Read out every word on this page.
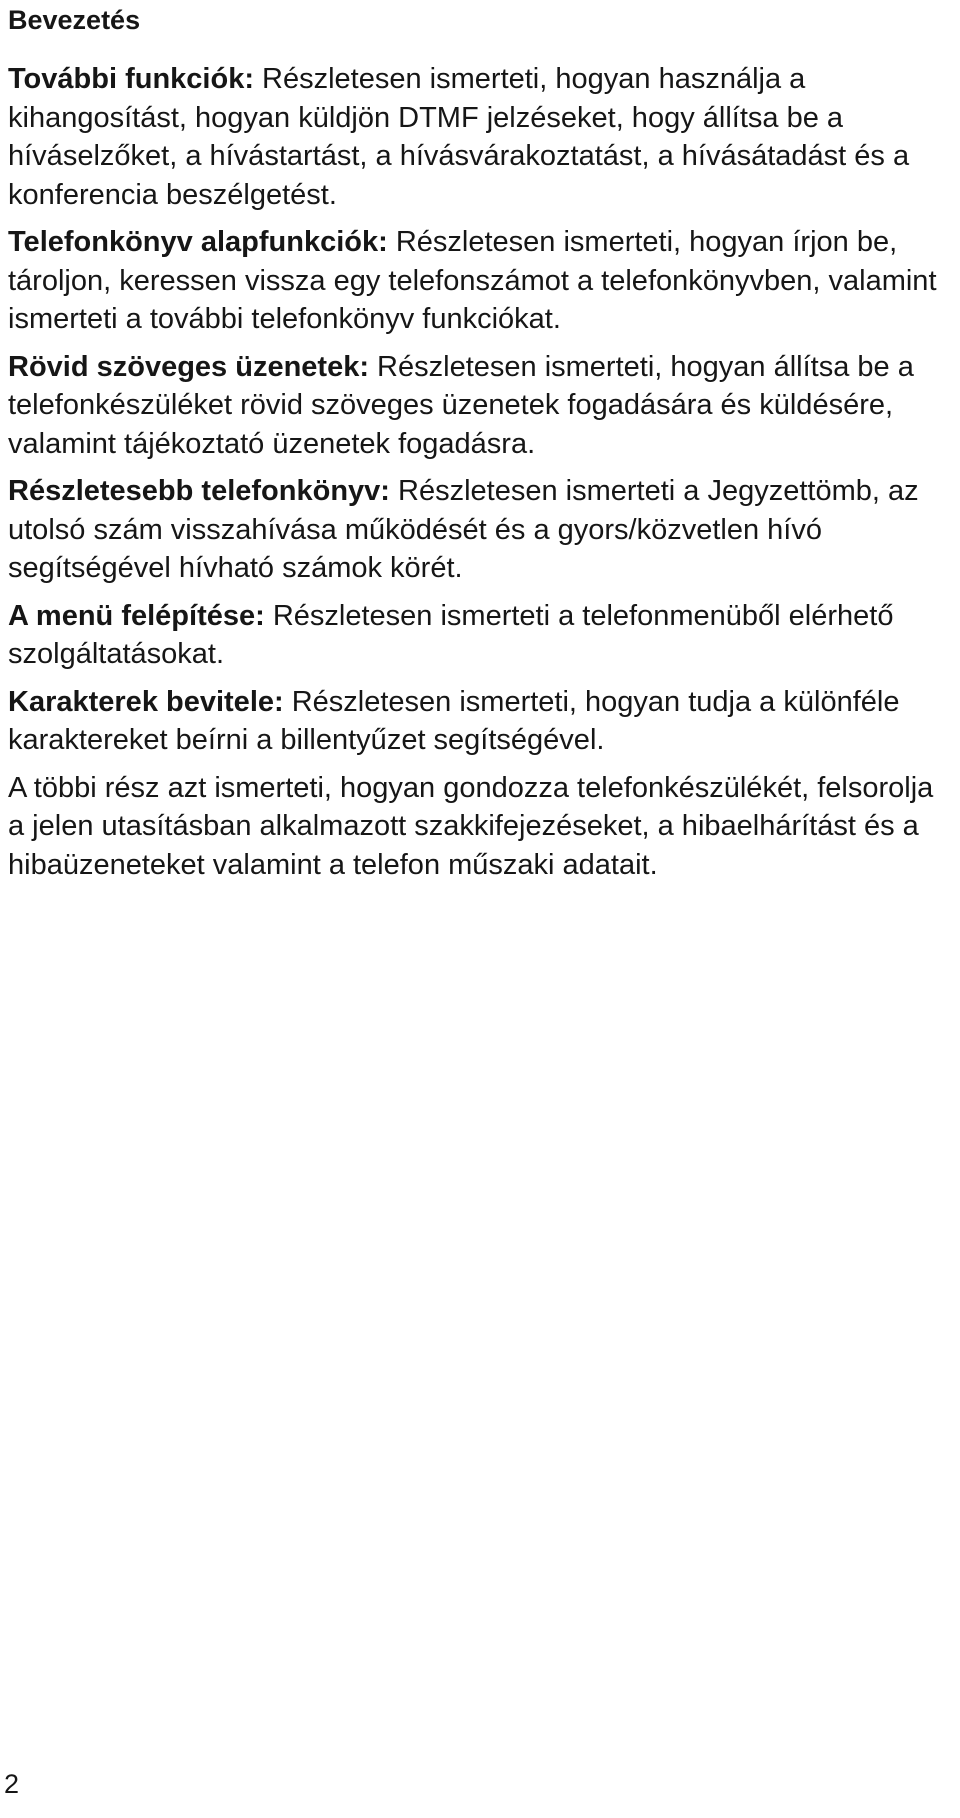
Bevezetés

További funkciók: Részletesen ismerteti, hogyan használja a kihangosítást, hogyan küldjön DTMF jelzéseket, hogy állítsa be a híváselzőket, a hívástartást, a hívásvárakoztatást, a hívásátadást és a konferencia beszélgetést.

Telefonkönyv alapfunkciók: Részletesen ismerteti, hogyan írjon be, tároljon, keressen vissza egy telefonszámot a telefonkönyvben, valamint ismerteti a további telefonkönyv funkciókat.

Rövid szöveges üzenetek: Részletesen ismerteti, hogyan állítsa be a telefonkészüléket rövid szöveges üzenetek fogadására és küldésére, valamint tájékoztató üzenetek fogadásra.

Részletesebb telefonkönyv: Részletesen ismerteti a Jegyzettömb, az utolsó szám visszahívása működését és a gyors/közvetlen hívó segítségével hívható számok körét.

A menü felépítése: Részletesen ismerteti a telefonmenüből elérhető szolgáltatásokat.

Karakterek bevitele: Részletesen ismerteti, hogyan tudja a különféle karaktereket beírni a billentyűzet segítségével.

A többi rész azt ismerteti, hogyan gondozza telefonkészülékét, felsorolja a jelen utasításban alkalmazott szakkifejezéseket, a hibaelhárítást és a hibaüzeneteket valamint a telefon műszaki adatait.

2
